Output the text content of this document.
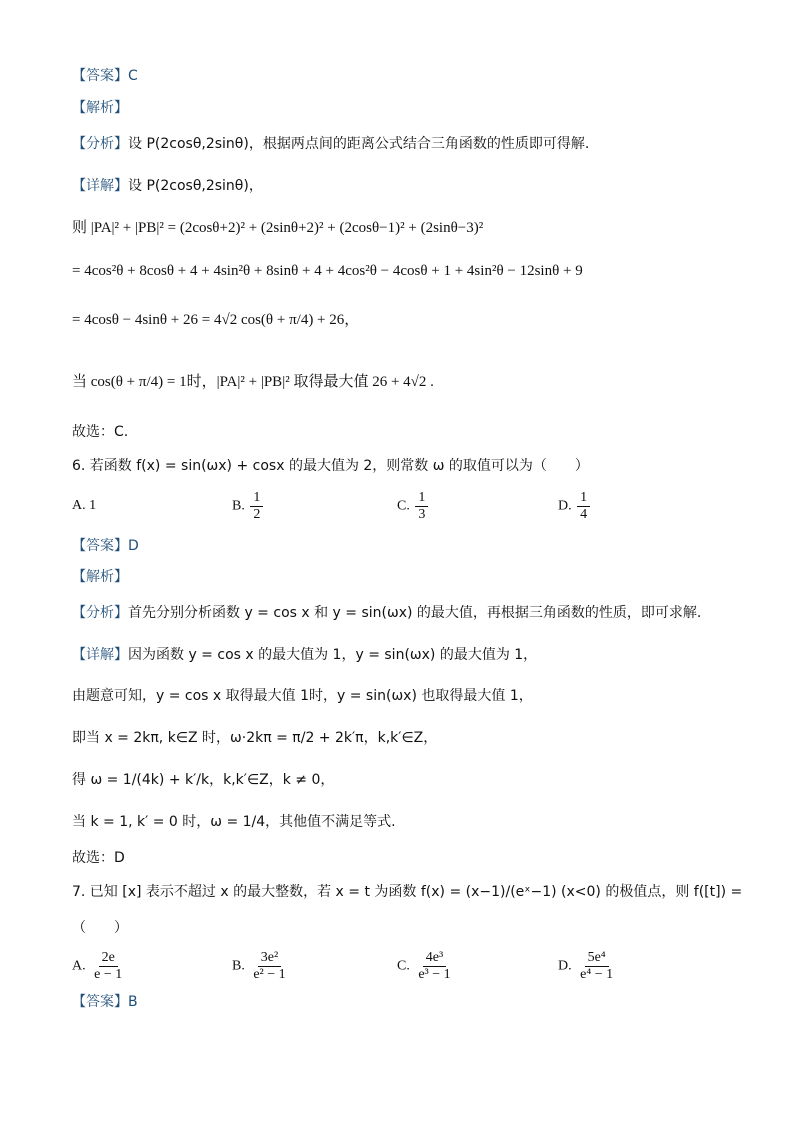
【答案】C
【解析】
【分析】设 P(2cosθ,2sinθ)，根据两点间的距离公式结合三角函数的性质即可得解.
【详解】设 P(2cosθ,2sinθ)，
则 |PA|² + |PB|² = (2cosθ+2)² + (2sinθ+2)² + (2cosθ−1)² + (2sinθ−3)²
= 4cos²θ + 8cosθ + 4 + 4sin²θ + 8sinθ + 4 + 4cos²θ − 4cosθ + 1 + 4sin²θ − 12sinθ + 9
= 4cosθ − 4sinθ + 26 = 4√2 cos(θ + π/4) + 26，
当 cos(θ + π/4) = 1时，|PA|² + |PB|² 取得最大值 26 + 4√2 .
故选：C.
6. 若函数 f(x) = sin(ωx) + cosx 的最大值为 2，则常数 ω 的取值可以为（　　）
A. 1	B. $\frac{1}{2}$	C. $\frac{1}{3}$	D. $\frac{1}{4}$
【答案】D
【解析】
【分析】首先分别分析函数 y = cos x 和 y = sin(ωx) 的最大值，再根据三角函数的性质，即可求解.
【详解】因为函数 y = cos x 的最大值为 1，y = sin(ωx) 的最大值为 1，
由题意可知，y = cos x 取得最大值 1时，y = sin(ωx) 也取得最大值 1，
即当 x = 2kπ, k∈Z 时，ω·2kπ = π/2 + 2k′π，k,k′∈Z，
得 ω = 1/(4k) + k′/k，k,k′∈Z，k ≠ 0，
当 k = 1, k′ = 0 时，ω = 1/4，其他值不满足等式.
故选：D
7. 已知 [x] 表示不超过 x 的最大整数，若 x = t 为函数 f(x) = (x−1)/(eˣ−1) (x<0) 的极值点，则 f([t]) =
（　　）
A. $\frac{2e}{e - 1}$	B. $\frac{\text{3e²}}{\text{e² − 1}}$	C. $\frac{\text{4e³}}{\text{e³ − 1}}$	D. $\frac{\text{5e⁴}}{\text{e⁴ − 1}}$
【答案】B
